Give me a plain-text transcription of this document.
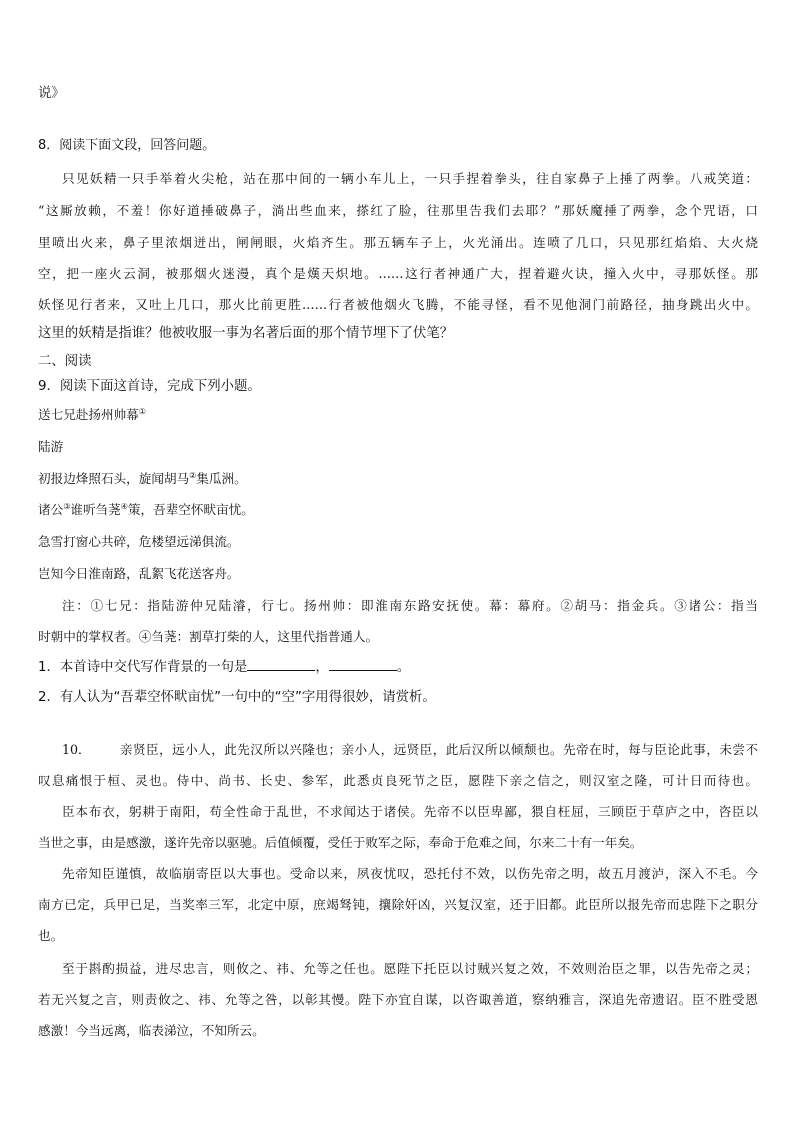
说》
8．阅读下面文段，回答问题。
只见妖精一只手举着火尖枪，站在那中间的一辆小车儿上，一只手捏着拳头，往自家鼻子上捶了两拳。八戒笑道：
“这厮放赖，不羞！你好道捶破鼻子，淌出些血来，搽红了脸，往那里告我们去耶？”那妖魔捶了两拳，念个咒语，口
里喷出火来，鼻子里浓烟迸出，闸闸眼，火焰齐生。那五辆车子上，火光涌出。连喷了几口，只见那红焰焰、大火烧
空，把一座火云洞，被那烟火迷漫，真个是熯天炽地。……这行者神通广大，捏着避火诀，撞入火中，寻那妖怪。那
妖怪见行者来，又吐上几口，那火比前更胜……行者被他烟火飞腾，不能寻怪，看不见他洞门前路径，抽身跳出火中。
这里的妖精是指谁？他被收服一事为名著后面的那个情节埋下了伏笔？
二、阅读
9．阅读下面这首诗，完成下列小题。
送七兄赴扬州帅幕①
陆游
初报边烽照石头，旋闻胡马②集瓜洲。
诸公③谁听刍荛④策，吾辈空怀畎亩忧。
急雪打窗心共碎，危楼望远涕俱流。
岂知今日淮南路，乱絮飞花送客舟。
注：①七兄：指陆游仲兄陆濬，行七。扬州帅：即淮南东路安抚使。幕：幕府。②胡马：指金兵。③诸公：指当
时朝中的掌权者。④刍荛：割草打柴的人，这里代指普通人。
1．本首诗中交代写作背景的一句是	，	。
2．有人认为“吾辈空怀畎亩忧”一句中的“空”字用得很妙，请赏析。
10． 亲贤臣，远小人，此先汉所以兴隆也；亲小人，远贤臣，此后汉所以倾颓也。先帝在时，每与臣论此事，未尝不
叹息痛恨于桓、灵也。侍中、尚书、长史、参军，此悉贞良死节之臣，愿陛下亲之信之，则汉室之隆，可计日而待也。
臣本布衣，躬耕于南阳，苟全性命于乱世，不求闻达于诸侯。先帝不以臣卑鄙，猥自枉屈，三顾臣于草庐之中，咨臣以
当世之事，由是感激，遂许先帝以驱驰。后值倾覆，受任于败军之际，奉命于危难之间，尔来二十有一年矣。
先帝知臣谨慎，故临崩寄臣以大事也。受命以来，夙夜忧叹，恐托付不效，以伤先帝之明，故五月渡泸，深入不毛。今
南方已定，兵甲已足，当奖率三军，北定中原，庶竭驽钝，攘除奸凶，兴复汉室，还于旧都。此臣所以报先帝而忠陛下之职分
也。
至于斟酌损益，进尽忠言，则攸之、祎、允等之任也。愿陛下托臣以讨贼兴复之效，不效则治臣之罪，以告先帝之灵；
若无兴复之言，则责攸之、祎、允等之咎，以彰其慢。陛下亦宜自谋，以咨诹善道，察纳雅言，深追先帝遗诏。臣不胜受恩
感激！今当远离，临表涕泣，不知所云。
